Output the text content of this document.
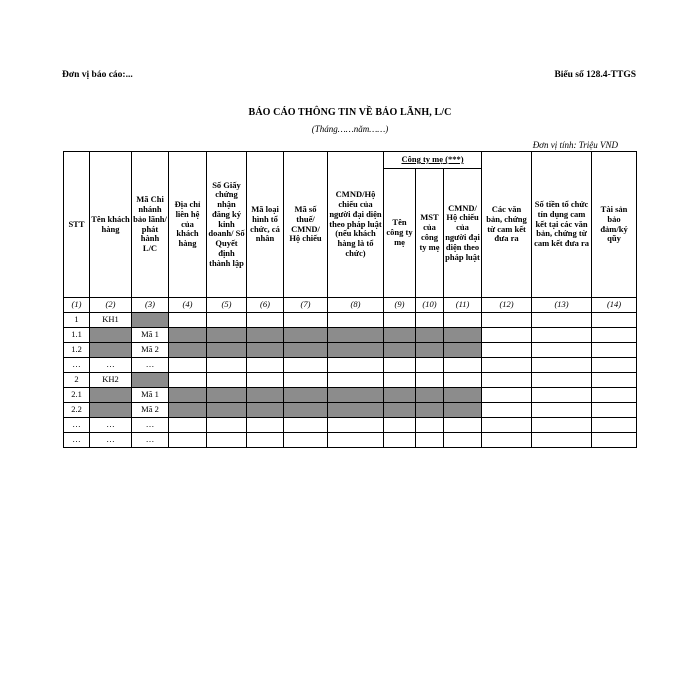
Đơn vị báo cáo:...	Biểu số 128.4-TTGS
BÁO CÁO THÔNG TIN VỀ BẢO LÃNH, L/C
(Tháng……năm……)
Đơn vị tính: Triệu VND
STT	Tên khách hàng	Mã Chi nhánh bảo lãnh/ phát hành L/C	Địa chỉ liên hệ của khách hàng	Số Giấy chứng nhận đăng ký kinh doanh/ Số Quyết định thành lập	Mã loại hình tổ chức, cá nhân	Mã số thuế/ CMND/ Hộ chiếu	CMND/Hộ chiếu của người đại diện theo pháp luật (nếu khách hàng là tổ chức)	Công ty mẹ (***)			Các văn bản, chứng từ cam kết đưa ra	Số tiền tổ chức tín dụng cam kết tại các văn bản, chứng từ cam kết đưa ra	Tài sản bảo đảm/ký qũy
								Tên công ty mẹ	MST của công ty mẹ	CMND/ Hộ chiếu của người đại diện theo pháp luật			
(1)	(2)	(3)	(4)	(5)	(6)	(7)	(8)	(9)	(10)	(11)	(12)	(13)	(14)
1	KH1												
1.1		Mã 1											
1.2		Mã 2											
…	…	…											
2	KH2												
2.1		Mã 1											
2.2		Mã 2											
…	…	…											
…	…	…											
